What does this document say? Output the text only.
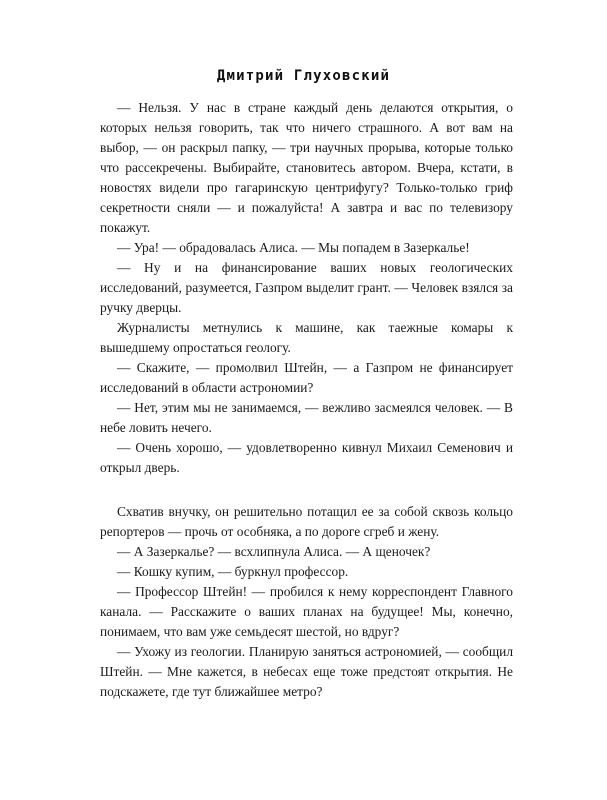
Дмитрий Глуховский

— Нельзя. У нас в стране каждый день делаются открытия, о которых нельзя говорить, так что ничего страшного. А вот вам на выбор, — он раскрыл папку, — три научных прорыва, которые только что рассекречены. Выбирайте, становитесь автором. Вчера, кстати, в новостях видели про гагаринскую центрифугу? Только-только гриф секретности сняли — и пожалуйста! А завтра и вас по телевизору покажут.

— Ура! — обрадовалась Алиса. — Мы попадем в Зазеркалье!

— Ну и на финансирование ваших новых геологических исследований, разумеется, Газпром выделит грант. — Человек взялся за ручку дверцы.

Журналисты метнулись к машине, как таежные комары к вышедшему опростаться геологу.

— Скажите, — промолвил Штейн, — а Газпром не финансирует исследований в области астрономии?

— Нет, этим мы не занимаемся, — вежливо засмеялся человек. — В небе ловить нечего.

— Очень хорошо, — удовлетворенно кивнул Михаил Семенович и открыл дверь.

Схватив внучку, он решительно потащил ее за собой сквозь кольцо репортеров — прочь от особняка, а по дороге сгреб и жену.

— А Зазеркалье? — всхлипнула Алиса. — А щеночек?

— Кошку купим, — буркнул профессор.

— Профессор Штейн! — пробился к нему корреспондент Главного канала. — Расскажите о ваших планах на будущее! Мы, конечно, понимаем, что вам уже семьдесят шестой, но вдруг?

— Ухожу из геологии. Планирую заняться астрономией, — сообщил Штейн. — Мне кажется, в небесах еще тоже предстоят открытия. Не подскажете, где тут ближайшее метро?
